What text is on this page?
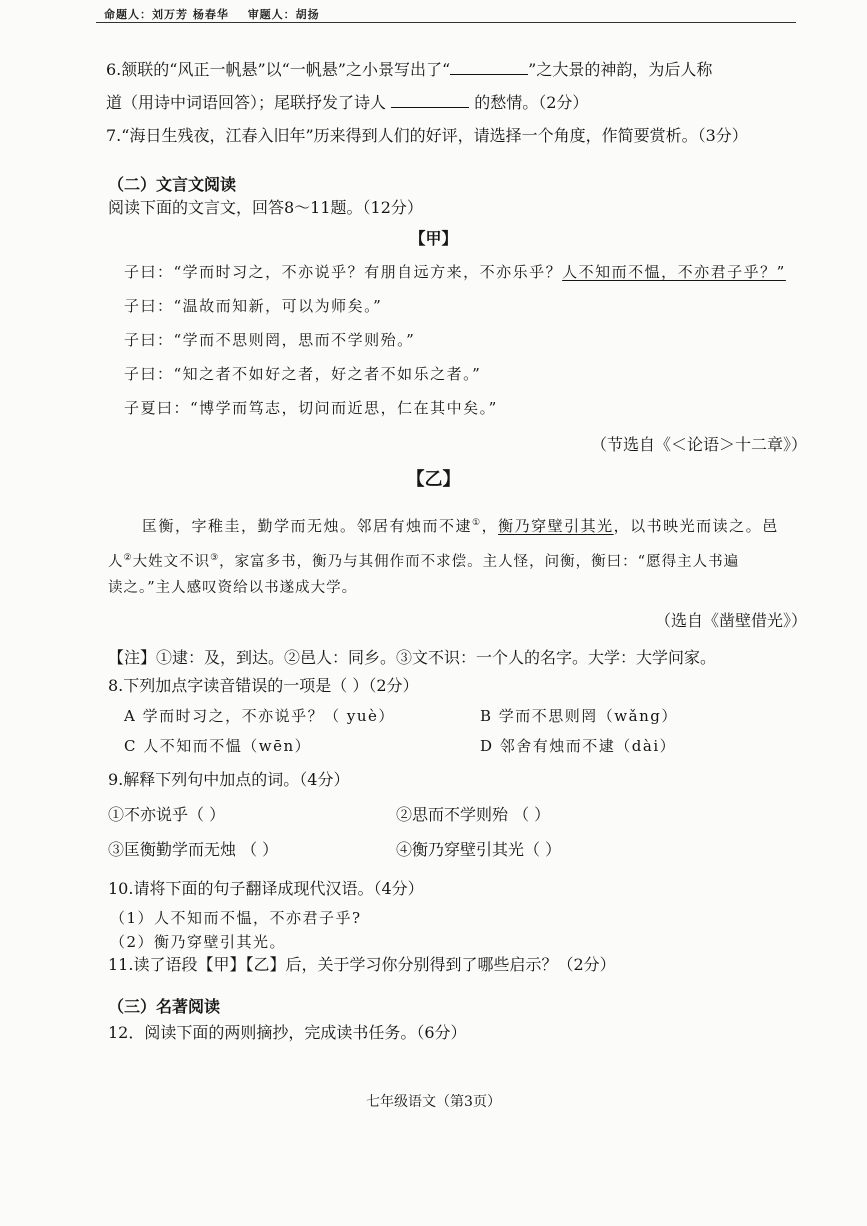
命题人：刘万芳 杨春华 审题人：胡扬
6.颔联的“风正一帆悬”以“一帆悬”之小景写出了“	”之大景的神韵，为后人称
道（用诗中词语回答）；尾联抒发了诗人	的愁情。（2分）
7.“海日生残夜，江春入旧年”历来得到人们的好评，请选择一个角度，作简要赏析。（3分）
（二）文言文阅读
阅读下面的文言文，回答8～11题。（12分）
【甲】
子曰：“学而时习之，不亦说乎？有朋自远方来，不亦乐乎？人不知而不愠，不亦君子乎？”
子曰：“温故而知新，可以为师矣。”
子曰：“学而不思则罔，思而不学则殆。”
子曰：“知之者不如好之者，好之者不如乐之者。”
子夏曰：“博学而笃志，切问而近思，仁在其中矣。”
（节选自《＜论语＞十二章》）
【乙】
匡衡，字稚圭，勤学而无烛。邻居有烛而不逮①，衡乃穿壁引其光，以书映光而读之。邑
人②大姓文不识③，家富多书，衡乃与其佣作而不求偿。主人怪，问衡，衡曰：“愿得主人书遍
读之。”主人感叹资给以书遂成大学。
（选自《凿壁借光》）
【注】①逮：及，到达。②邑人：同乡。③文不识：一个人的名字。大学：大学问家。
8.下列加点字读音错误的一项是（ ）（2分）
A 学而时习之，不亦说乎？（ yuè）	B 学而不思则罔（wǎng）
C 人不知而不愠（wēn）	D 邻舍有烛而不逮（dài）
9.解释下列句中加点的词。（4分）
①不亦说乎（ ）	②思而不学则殆 （ ）
③匡衡勤学而无烛 （ ）	④衡乃穿壁引其光（ ）
10.请将下面的句子翻译成现代汉语。（4分）
（1）人不知而不愠，不亦君子乎?
（2）衡乃穿壁引其光。
11.读了语段【甲】【乙】后，关于学习你分别得到了哪些启示？（2分）
（三）名著阅读
12．阅读下面的两则摘抄，完成读书任务。（6分）
七年级语文（第3页）
